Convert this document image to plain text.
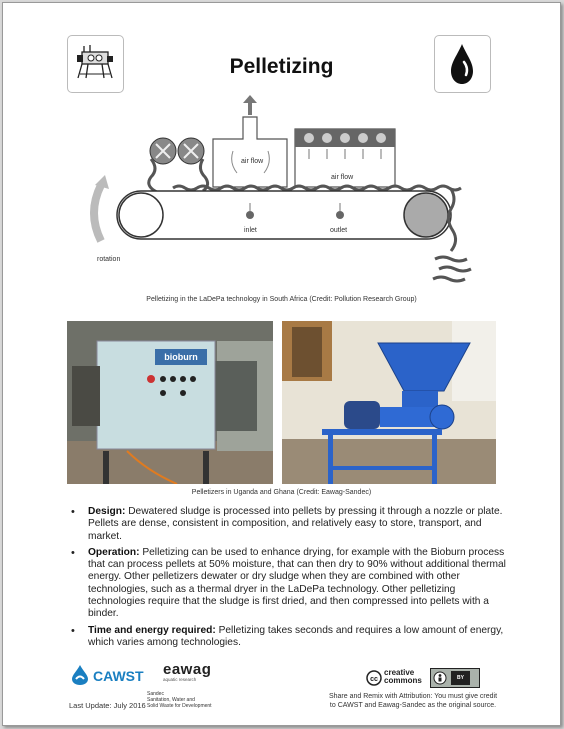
Pelletizing
rotation
air flow
air flow
inlet	outlet
Pelletizing in the LaDePa technology in South Africa (Credit: Pollution Research Group)
bioburn
Pelletizers in Uganda and Ghana (Credit: Eawag-Sandec)
• Design: Dewatered sludge is processed into pellets by pressing it through a nozzle or plate. Pellets are dense, consistent in composition, and relatively easy to store, transport, and market.
• Operation: Pelletizing can be used to enhance drying, for example with the Bioburn process that can process pellets at 50% moisture, that can then dry to 90% without additional thermal energy. Other pelletizers dewater or dry sludge when they are combined with other technologies, such as a thermal dryer in the LaDePa technology. Other pelletizing technologies require that the sludge is first dried, and then compressed into pellets with a binder.
• Time and energy required: Pelletizing takes seconds and requires a low amount of energy, which varies among technologies.
CAWST eawag
aquatic research
Sandec
Sanitation, Water and
Solid Waste for Development
Last Update: July 2016
cc
creative
commons	BY
Share and Remix with Attribution: You must give credit
to CAWST and Eawag-Sandec as the original source.
